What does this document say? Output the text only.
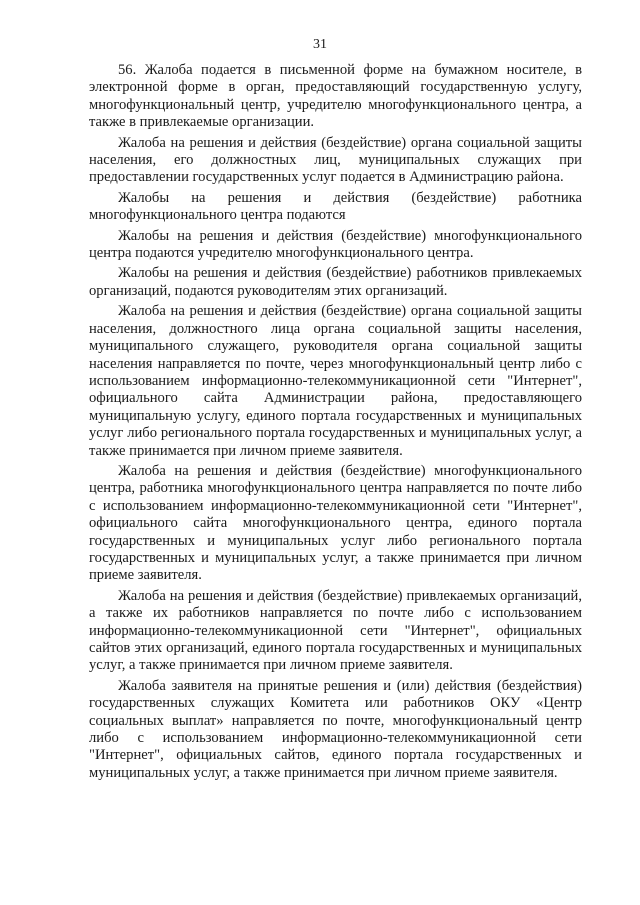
31

56. Жалоба подается в письменной форме на бумажном носителе, в электронной форме в орган, предоставляющий государственную услугу, многофункциональный центр, учредителю многофункционального центра, а также в привлекаемые организации.

Жалоба на решения и действия (бездействие) органа социальной защиты населения, его должностных лиц, муниципальных служащих при предоставлении государственных услуг подается в Администрацию района.

Жалобы на решения и действия (бездействие) работника многофункционального центра подаются

Жалобы на решения и действия (бездействие) многофункционального центра подаются учредителю многофункционального центра.

Жалобы на решения и действия (бездействие) работников привлекаемых организаций, подаются руководителям этих организаций.

Жалоба на решения и действия (бездействие) органа социальной защиты населения, должностного лица органа социальной защиты населения, муниципального служащего, руководителя органа социальной защиты населения направляется по почте, через многофункциональный центр либо с использованием информационно-телекоммуникационной сети "Интернет", официального сайта Администрации района, предоставляющего муниципальную услугу, единого портала государственных и муниципальных услуг либо регионального портала государственных и муниципальных услуг, а также принимается при личном приеме заявителя.

Жалоба на решения и действия (бездействие) многофункционального центра, работника многофункционального центра направляется по почте либо с использованием информационно-телекоммуникационной сети "Интернет", официального сайта многофункционального центра, единого портала государственных и муниципальных услуг либо регионального портала государственных и муниципальных услуг, а также принимается при личном приеме заявителя.

Жалоба на решения и действия (бездействие) привлекаемых организаций, а также их работников направляется по почте либо с использованием информационно-телекоммуникационной сети "Интернет", официальных сайтов этих организаций, единого портала государственных и муниципальных услуг, а также принимается при личном приеме заявителя.

Жалоба заявителя на принятые решения и (или) действия (бездействия) государственных служащих Комитета или работников ОКУ «Центр социальных выплат» направляется по почте, многофункциональный центр либо с использованием информационно-телекоммуникационной сети "Интернет", официальных сайтов, единого портала государственных и муниципальных услуг, а также принимается при личном приеме заявителя.
